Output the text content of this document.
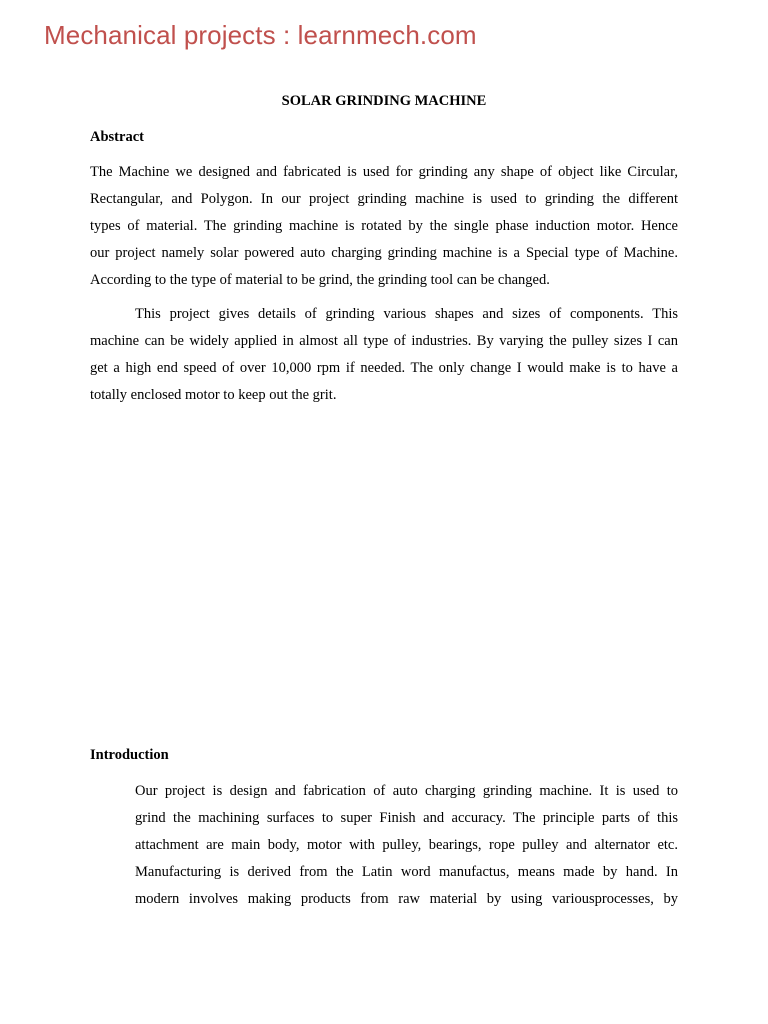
Mechanical projects : learnmech.com
SOLAR GRINDING MACHINE
Abstract
The Machine we designed and fabricated is used for grinding any shape of object like Circular,
Rectangular, and Polygon. In our project grinding machine is used to grinding the different
types of material. The grinding machine is rotated by the single phase induction motor. Hence
our project namely solar powered auto charging grinding machine is a Special type of Machine.
According to the type of material to be grind, the grinding tool can be changed.
This project gives details of grinding various shapes and sizes of components. This
machine can be widely applied in almost all type of industries. By varying the pulley sizes I can
get a high end speed of over 10,000 rpm if needed. The only change I would make is to have a
totally enclosed motor to keep out the grit.
Introduction
Our project is design and fabrication of auto charging grinding machine. It is used to
grind the machining surfaces to super Finish and accuracy. The principle parts of this
attachment are main body, motor with pulley, bearings, rope pulley and alternator etc.
Manufacturing is derived from the Latin word manufactus, means made by hand. In
modern involves making products from raw material by using variousprocesses, by
